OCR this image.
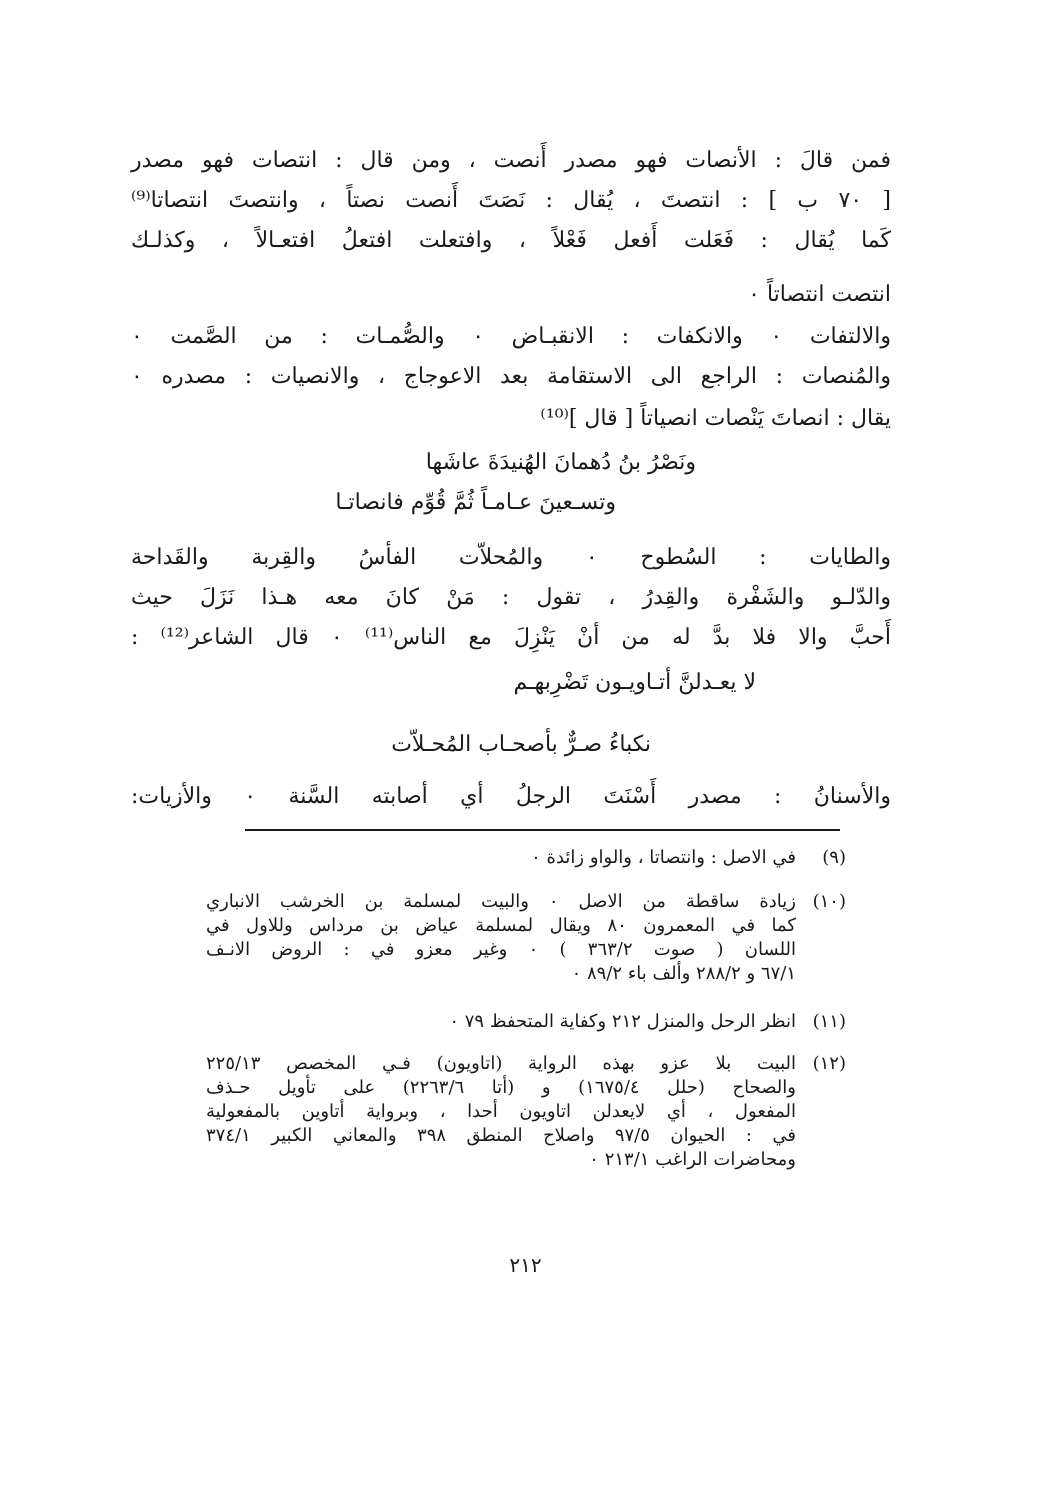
فمن قالَ : الأنصات فهو مصدر أَنصت ، ومن قال : انتصات فهو مصدر
[ ٧٠ ب ] : انتصتَ ، يُقال : نَصَتَ أَنصت نصتاً ، وانتصتَ انتصاتا⁽⁹⁾
كَما يُقال : فَعَلت أَفعل فَعْلاً ، وافتعلت افتعلُ افتعـالاً ، وكذلـك
انتصت انتصاتاً ٠
والالتفات ٠ والانكفات : الانقبـاض ٠ والصُّمـات : من الصَّمت ٠
والمُنصات : الراجع الى الاستقامة بعد الاعوجاج ، والانصيات : مصدره ٠
يقال : انصاتَ يَنْصات انصياتاً [ قال ]⁽¹⁰⁾
ونَصْرُ بنُ دُهمانَ الهُنيدَةَ عاشَها
وتسـعينَ عـامـاً ثُمَّ قُوِّم فانصاتـا
والطايات : السُطوح ٠ والمُحلاّت الفأسُ والقِربة والقَداحة
والدّلـو والشَفْرة والقِدرُ ، تقول : مَنْ كانَ معه هـذا نَزَلَ حيث
أَحبَّ والا فلا بدَّ له من أنْ يَنْزِلَ مع الناس⁽¹¹⁾ ٠ قال الشاعر⁽¹²⁾ :
لا يعـدلنَّ أتـاويـون تَضْرِبهـم
نكباءُ صـرٌّ بأصحـاب المُحـلاّت
والأسنانُ : مصدر أَسْنَتَ الرجلُ أي أصابته السَّنة ٠ والأزيات:
(٩)
في الاصل : وانتصاتا ، والواو زائدة ٠
(١٠)
زيادة ساقطة من الاصل ٠ والبيت لمسلمة بن الخرشب الانباري
كما في المعمرون ٨٠ ويقال لمسلمة عياض بن مرداس وللاول في
اللسان ( صوت ٣٦٣/٢ ) ٠ وغير معزو في : الروض الانـف
٦٧/١ و ٢٨٨/٢ وألف باء ٨٩/٢ ٠
(١١)
انظر الرحل والمنزل ٢١٢ وكفاية المتحفظ ٧٩ ٠
(١٢)
البيت بلا عزو بهذه الرواية (اتاويون) فـي المخصص ٢٢٥/١٣
والصحاح (حلل ١٦٧٥/٤) و (أتا ٢٢٦٣/٦) على تأويل حـذف
المفعول ، أي لايعدلن اتاويون أحدا ، وبرواية أتاوين بالمفعولية
في : الحيوان ٩٧/٥ واصلاح المنطق ٣٩٨ والمعاني الكبير ٣٧٤/١
ومحاضرات الراغب ٢١٣/١ ٠
٢١٢
